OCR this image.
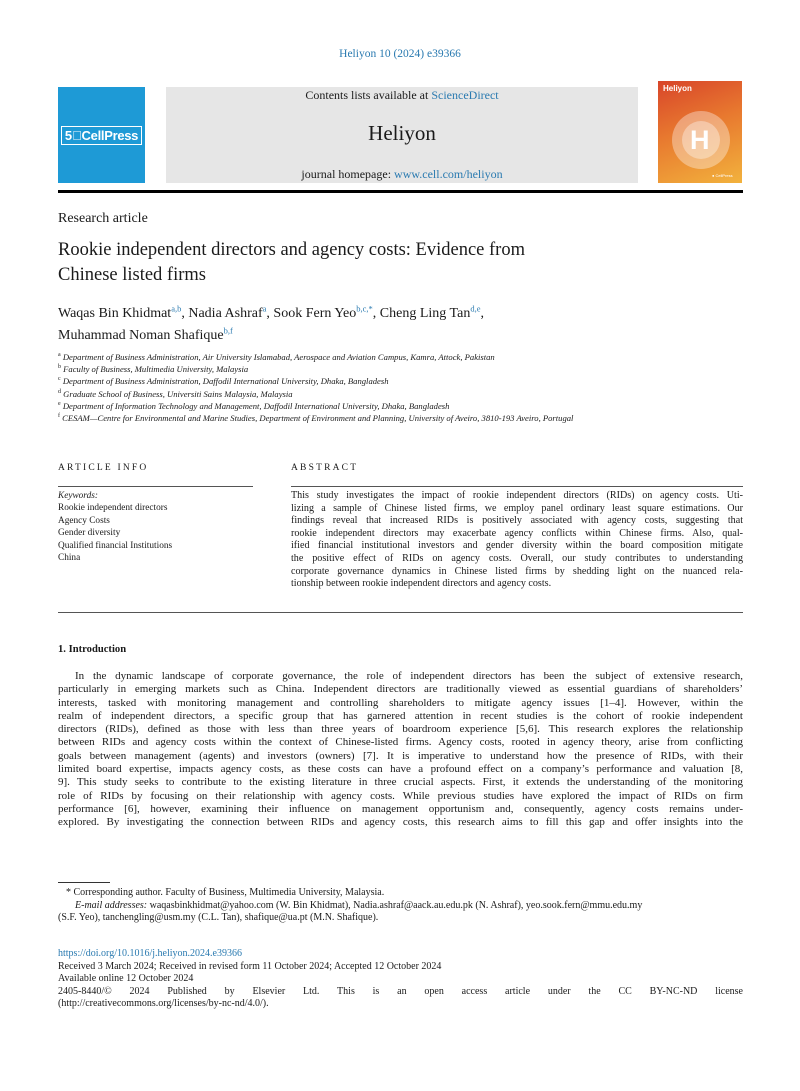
Heliyon 10 (2024) e39366
5⃝CellPress
Contents lists available at ScienceDirect
Heliyon
journal homepage: www.cell.com/heliyon
Heliyon
H
● CellPress
Research article
Rookie independent directors and agency costs: Evidence from
Chinese listed firms
Waqas Bin Khidmat$^{a,b}$, Nadia Ashraf$^a$, Sook Fern Yeo$^{b,c,*}$, Cheng Ling Tan$^{d,e}$,
Muhammad Noman Shafique$^{b,f}$
$^a$ Department of Business Administration, Air University Islamabad, Aerospace and Aviation Campus, Kamra, Attock, Pakistan
$^b$ Faculty of Business, Multimedia University, Malaysia
$^c$ Department of Business Administration, Daffodil International University, Dhaka, Bangladesh
$^d$ Graduate School of Business, Universiti Sains Malaysia, Malaysia
$^e$ Department of Information Technology and Management, Daffodil International University, Dhaka, Bangladesh
$^f$ CESAM—Centre for Environmental and Marine Studies, Department of Environment and Planning, University of Aveiro, 3810-193 Aveiro, Portugal
ARTICLE INFO	ABSTRACT
Keywords:
Rookie independent directors
Agency Costs
Gender diversity
Qualified financial Institutions
China
This study investigates the impact of rookie independent directors (RIDs) on agency costs. Uti-
lizing a sample of Chinese listed firms, we employ panel ordinary least square estimations. Our
findings reveal that increased RIDs is positively associated with agency costs, suggesting that
rookie independent directors may exacerbate agency conflicts within Chinese firms. Also, qual-
ified financial institutional investors and gender diversity within the board composition mitigate
the positive effect of RIDs on agency costs. Overall, our study contributes to understanding
corporate governance dynamics in Chinese listed firms by shedding light on the nuanced rela-
tionship between rookie independent directors and agency costs.
1. Introduction
In the dynamic landscape of corporate governance, the role of independent directors has been the subject of extensive research,
particularly in emerging markets such as China. Independent directors are traditionally viewed as essential guardians of shareholders’
interests, tasked with monitoring management and controlling shareholders to mitigate agency issues [1–4]. However, within the
realm of independent directors, a specific group that has garnered attention in recent studies is the cohort of rookie independent
directors (RIDs), defined as those with less than three years of boardroom experience [5,6]. This research explores the relationship
between RIDs and agency costs within the context of Chinese-listed firms. Agency costs, rooted in agency theory, arise from conflicting
goals between management (agents) and investors (owners) [7]. It is imperative to understand how the presence of RIDs, with their
limited board expertise, impacts agency costs, as these costs can have a profound effect on a company’s performance and valuation [8,
9]. This study seeks to contribute to the existing literature in three crucial aspects. First, it extends the understanding of the monitoring
role of RIDs by focusing on their relationship with agency costs. While previous studies have explored the impact of RIDs on firm
performance [6], however, examining their influence on management opportunism and, consequently, agency costs remains under-
explored. By investigating the connection between RIDs and agency costs, this research aims to fill this gap and offer insights into the
* Corresponding author. Faculty of Business, Multimedia University, Malaysia.
E-mail addresses: waqasbinkhidmat@yahoo.com (W. Bin Khidmat), Nadia.ashraf@aack.au.edu.pk (N. Ashraf), yeo.sook.fern@mmu.edu.my
(S.F. Yeo), tanchengling@usm.my (C.L. Tan), shafique@ua.pt (M.N. Shafique).
https://doi.org/10.1016/j.heliyon.2024.e39366
Received 3 March 2024; Received in revised form 11 October 2024; Accepted 12 October 2024
Available online 12 October 2024
2405-8440/© 2024 Published by Elsevier Ltd. This is an open access article under the CC BY-NC-ND license
(http://creativecommons.org/licenses/by-nc-nd/4.0/).
